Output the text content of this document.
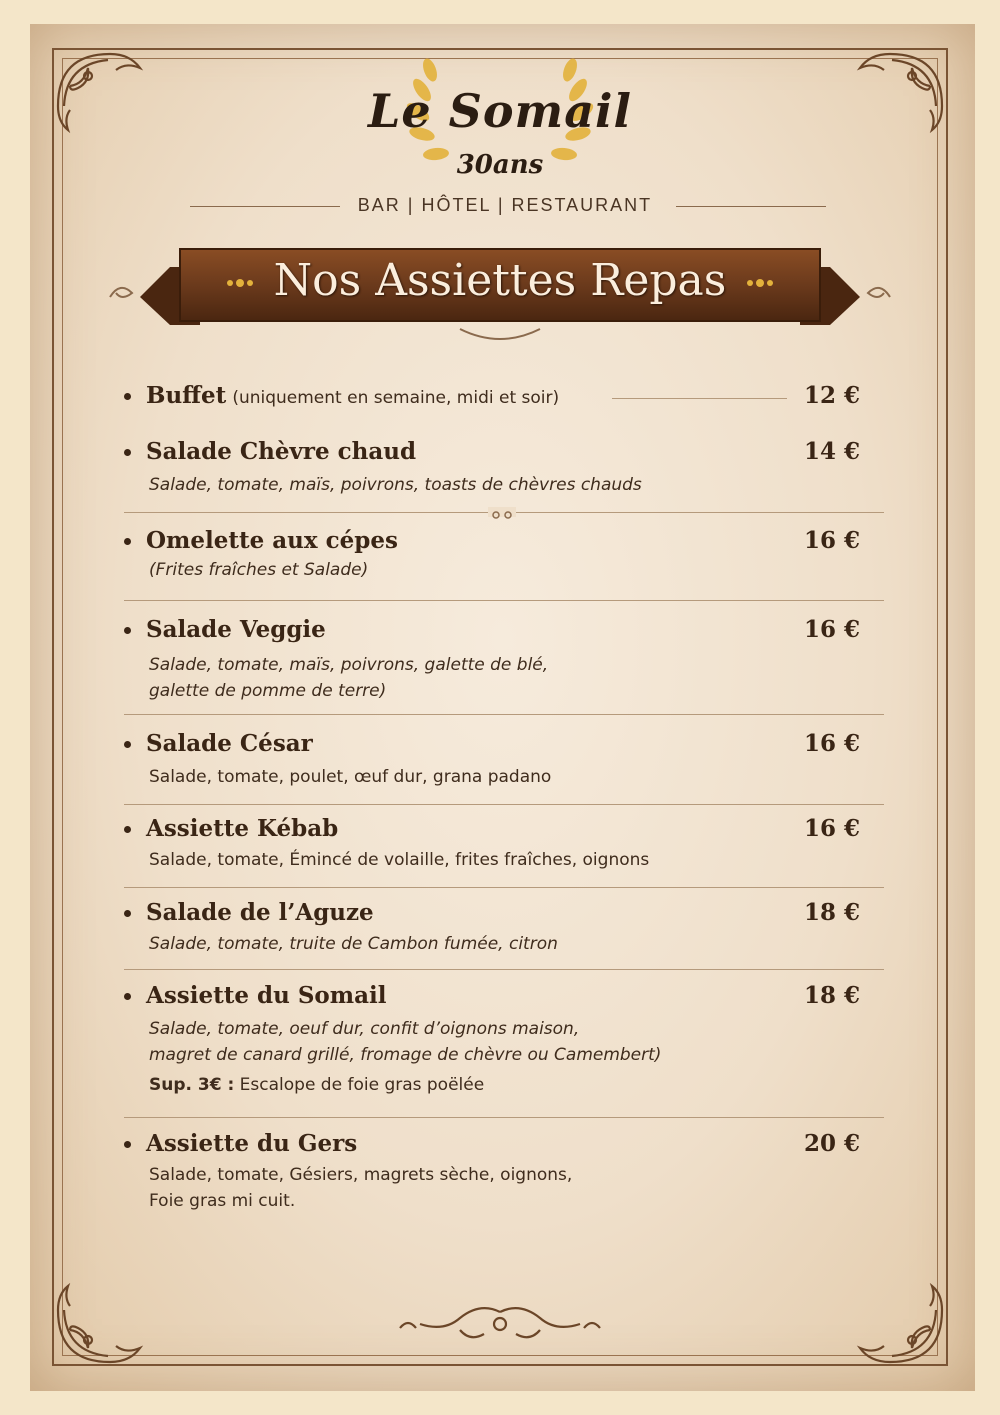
Le Somail
30ans
BAR | HÔTEL | RESTAURANT
Nos Assiettes Repas
Buffet (uniquement en semaine, midi et soir)	12 €
Salade Chèvre chaud	14 €
Salade, tomate, maïs, poivrons, toasts de chèvres chauds
Omelette aux cépes	16 €
(Frites fraîches et Salade)
Salade Veggie	16 €
Salade, tomate, maïs, poivrons, galette de blé,
galette de pomme de terre)
Salade César	16 €
Salade, tomate, poulet, œuf dur, grana padano
Assiette Kébab	16 €
Salade, tomate, Émincé de volaille, frites fraîches, oignons
Salade de l’Aguze	18 €
Salade, tomate, truite de Cambon fumée, citron
Assiette du Somail	18 €
Salade, tomate, oeuf dur, confit d’oignons maison,
magret de canard grillé, fromage de chèvre ou Camembert)
Sup. 3€ : Escalope de foie gras poëlée
Assiette du Gers	20 €
Salade, tomate, Gésiers, magrets sèche, oignons,
Foie gras mi cuit.
